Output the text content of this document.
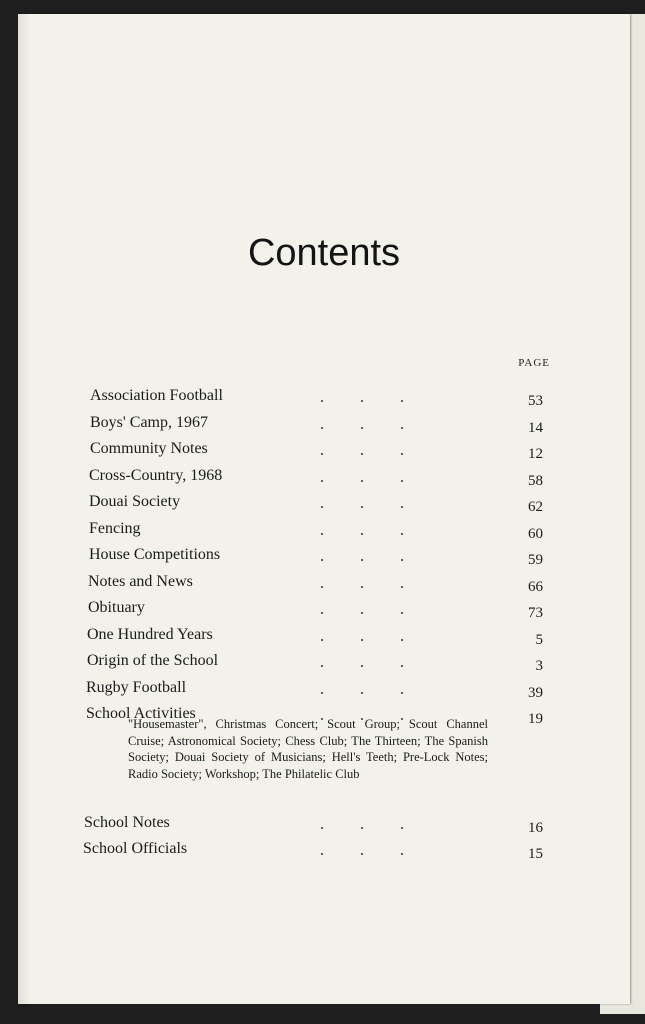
Contents
PAGE
Association Football	53
Boys' Camp, 1967	14
Community Notes	12
Cross-Country, 1968	58
Douai Society	62
Fencing	60
House Competitions	59
Notes and News	66
Obituary	73
One Hundred Years	5
Origin of the School	3
Rugby Football	39
School Activities	19
School Notes	16
School Officials	15
"Housemaster", Christmas Concert; Scout Group; Scout Channel Cruise; Astronomical Society; Chess Club; The Thirteen; The Spanish Society; Douai Society of Musicians; Hell's Teeth; Pre-Lock Notes; Radio Society; Workshop; The Philatelic Club
